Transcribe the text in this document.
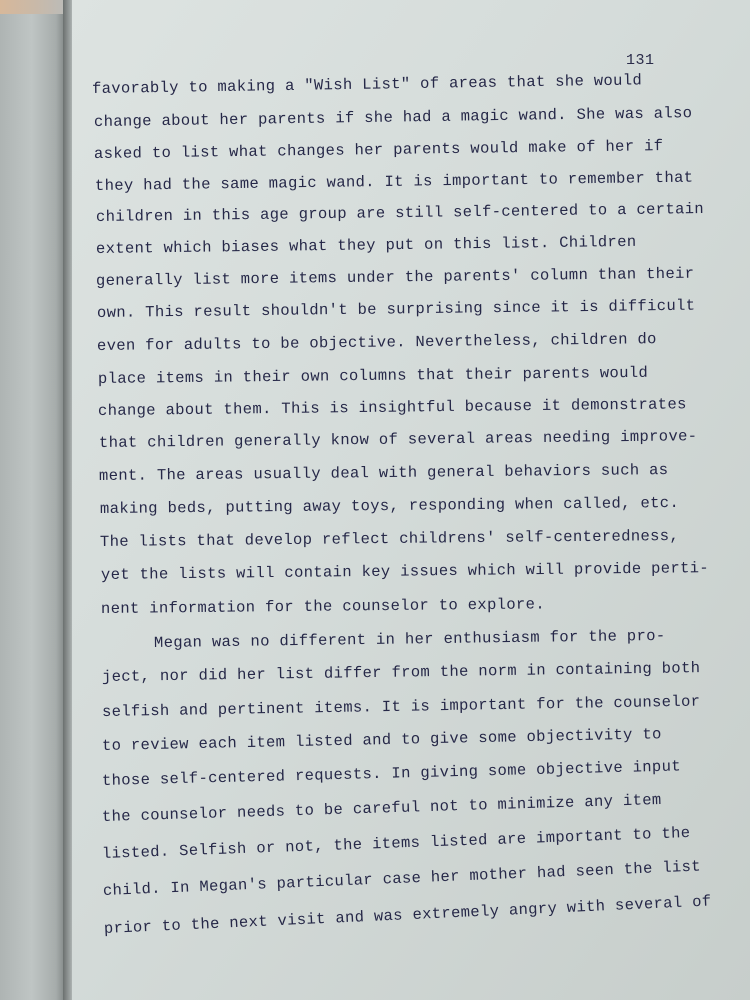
131
favorably to making a "Wish List" of areas that she would
change about her parents if she had a magic wand. She was also
asked to list what changes her parents would make of her if
they had the same magic wand. It is important to remember that
children in this age group are still self-centered to a certain
extent which biases what they put on this list. Children
generally list more items under the parents' column than their
own. This result shouldn't be surprising since it is difficult
even for adults to be objective. Nevertheless, children do
place items in their own columns that their parents would
change about them. This is insightful because it demonstrates
that children generally know of several areas needing improve-
ment. The areas usually deal with general behaviors such as
making beds, putting away toys, responding when called, etc.
The lists that develop reflect childrens' self-centeredness,
yet the lists will contain key issues which will provide perti-
nent information for the counselor to explore.
Megan was no different in her enthusiasm for the pro-
ject, nor did her list differ from the norm in containing both
selfish and pertinent items. It is important for the counselor
to review each item listed and to give some objectivity to
those self-centered requests. In giving some objective input
the counselor needs to be careful not to minimize any item
listed. Selfish or not, the items listed are important to the
child. In Megan's particular case her mother had seen the list
prior to the next visit and was extremely angry with several of
